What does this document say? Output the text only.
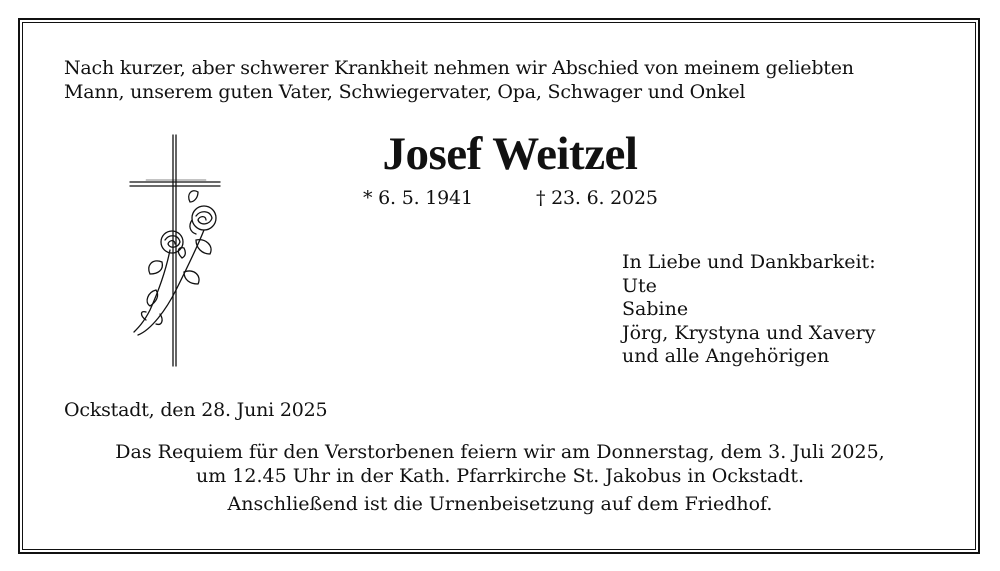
Nach kurzer, aber schwerer Krankheit nehmen wir Abschied von meinem geliebten
Mann, unserem guten Vater, Schwiegervater, Opa, Schwager und Onkel
Josef Weitzel
* 6. 5. 1941	† 23. 6. 2025
In Liebe und Dankbarkeit:
Ute
Sabine
Jörg, Krystyna und Xavery
und alle Angehörigen
Ockstadt, den 28. Juni 2025
Das Requiem für den Verstorbenen feiern wir am Donnerstag, dem 3. Juli 2025,
um 12.45 Uhr in der Kath. Pfarrkirche St. Jakobus in Ockstadt.
Anschließend ist die Urnenbeisetzung auf dem Friedhof.
